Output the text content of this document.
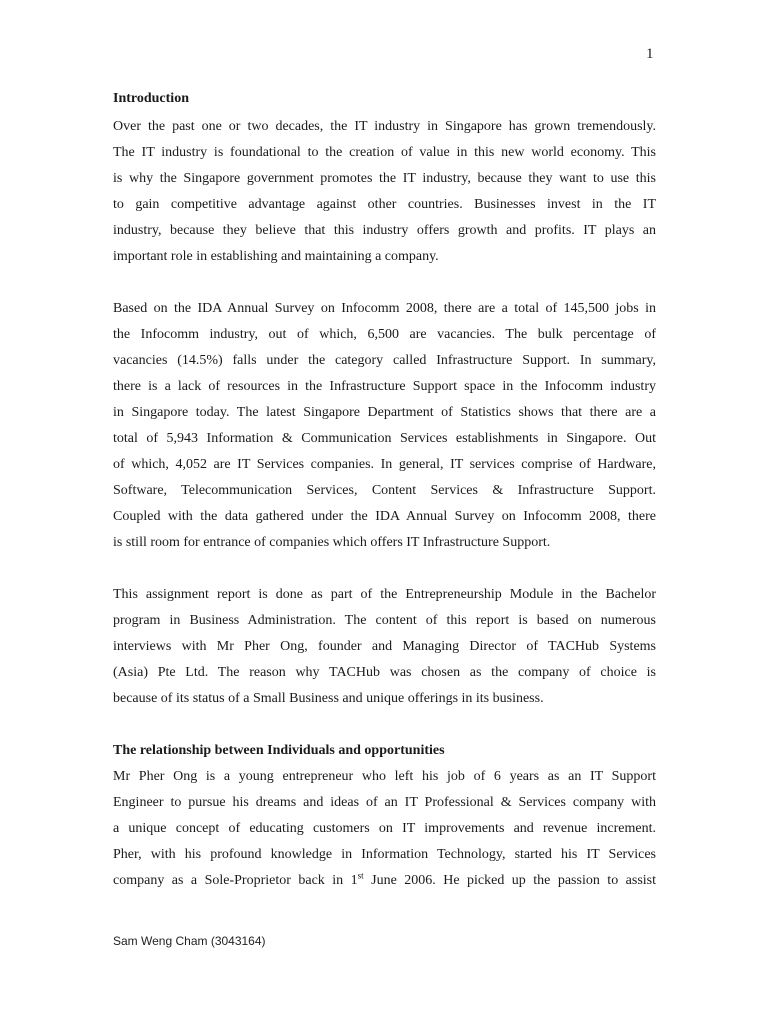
1

Introduction

Over the past one or two decades, the IT industry in Singapore has grown tremendously.
The IT industry is foundational to the creation of value in this new world economy. This
is why the Singapore government promotes the IT industry, because they want to use this
to gain competitive advantage against other countries. Businesses invest in the IT
industry, because they believe that this industry offers growth and profits. IT plays an
important role in establishing and maintaining a company.

Based on the IDA Annual Survey on Infocomm 2008, there are a total of 145,500 jobs in
the Infocomm industry, out of which, 6,500 are vacancies. The bulk percentage of
vacancies (14.5%) falls under the category called Infrastructure Support. In summary,
there is a lack of resources in the Infrastructure Support space in the Infocomm industry
in Singapore today. The latest Singapore Department of Statistics shows that there are a
total of 5,943 Information & Communication Services establishments in Singapore. Out
of which, 4,052 are IT Services companies. In general, IT services comprise of Hardware,
Software, Telecommunication Services, Content Services & Infrastructure Support.
Coupled with the data gathered under the IDA Annual Survey on Infocomm 2008, there
is still room for entrance of companies which offers IT Infrastructure Support.

This assignment report is done as part of the Entrepreneurship Module in the Bachelor
program in Business Administration. The content of this report is based on numerous
interviews with Mr Pher Ong, founder and Managing Director of TACHub Systems
(Asia) Pte Ltd. The reason why TACHub was chosen as the company of choice is
because of its status of a Small Business and unique offerings in its business.

The relationship between Individuals and opportunities

Mr Pher Ong is a young entrepreneur who left his job of 6 years as an IT Support
Engineer to pursue his dreams and ideas of an IT Professional & Services company with
a unique concept of educating customers on IT improvements and revenue increment.
Pher, with his profound knowledge in Information Technology, started his IT Services
company as a Sole-Proprietor back in 1st June 2006. He picked up the passion to assist

Sam Weng Cham (3043164)
